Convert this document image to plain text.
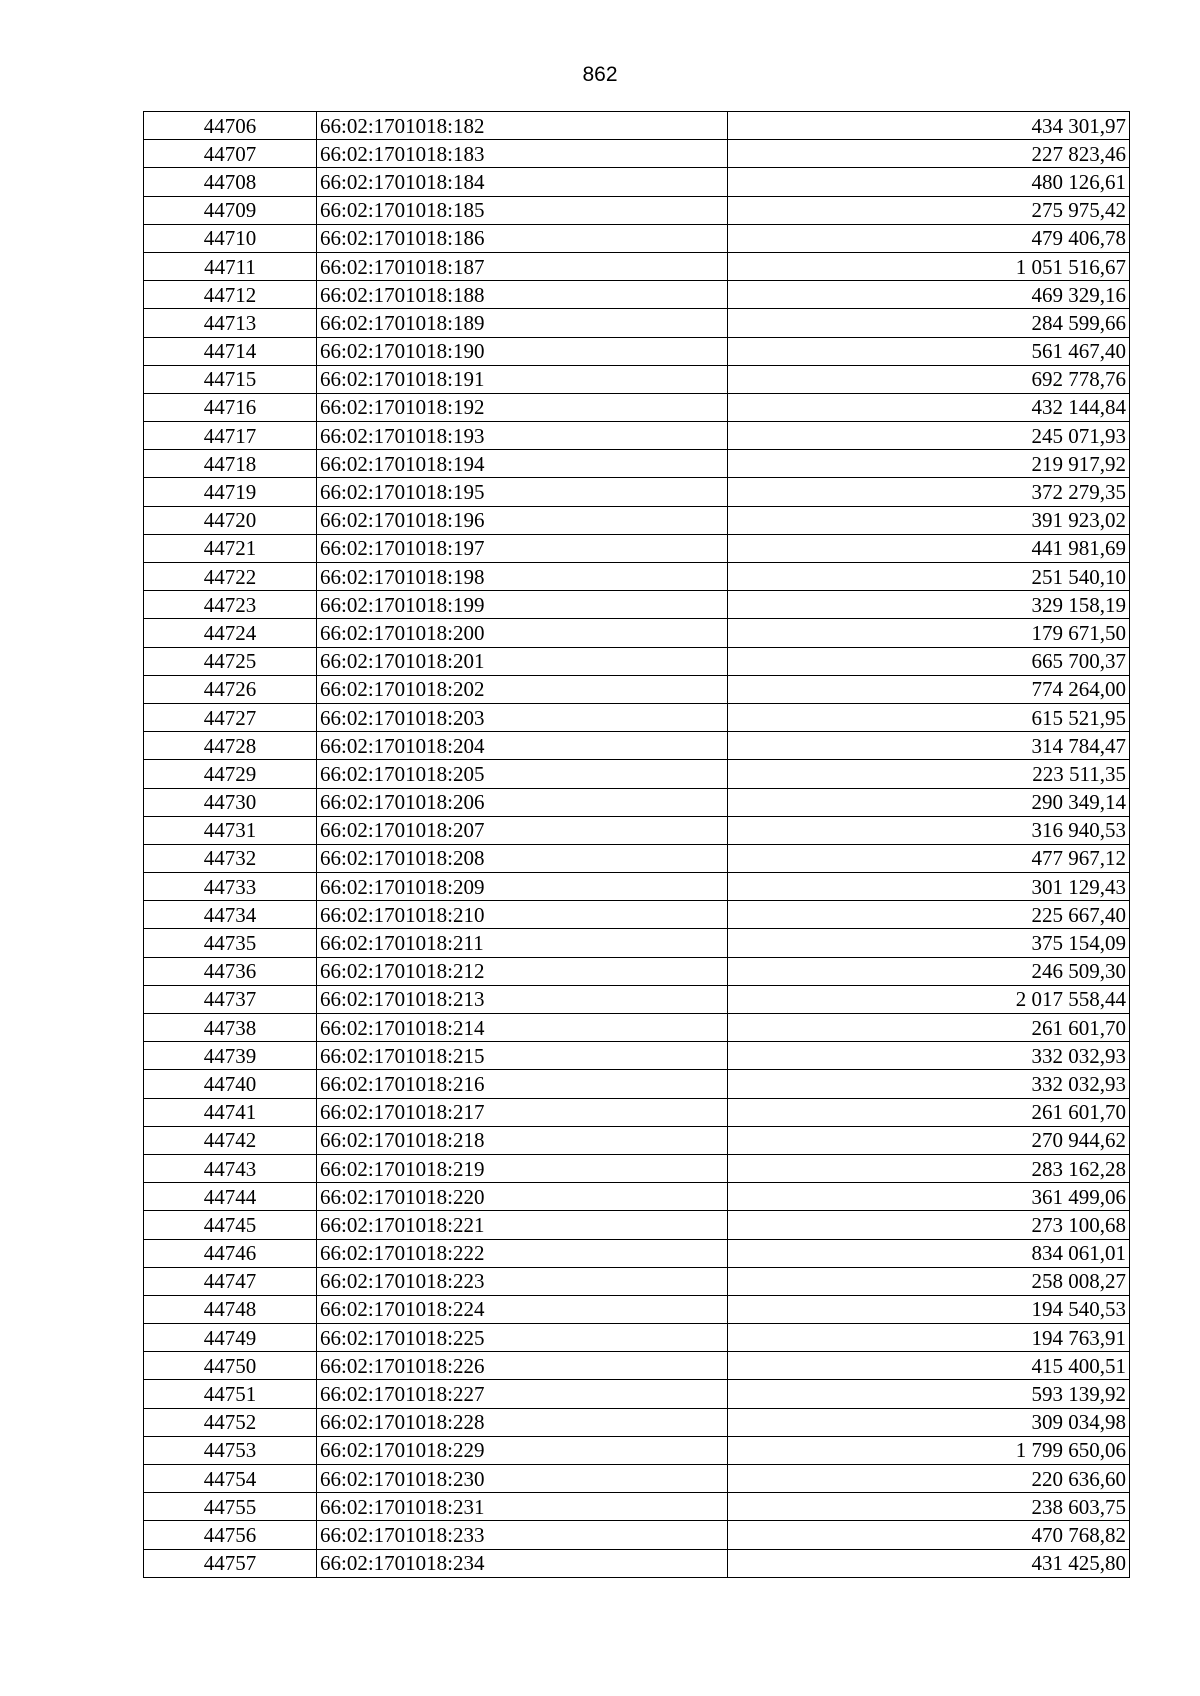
862
44706	66:02:1701018:182	434 301,97
44707	66:02:1701018:183	227 823,46
44708	66:02:1701018:184	480 126,61
44709	66:02:1701018:185	275 975,42
44710	66:02:1701018:186	479 406,78
44711	66:02:1701018:187	1 051 516,67
44712	66:02:1701018:188	469 329,16
44713	66:02:1701018:189	284 599,66
44714	66:02:1701018:190	561 467,40
44715	66:02:1701018:191	692 778,76
44716	66:02:1701018:192	432 144,84
44717	66:02:1701018:193	245 071,93
44718	66:02:1701018:194	219 917,92
44719	66:02:1701018:195	372 279,35
44720	66:02:1701018:196	391 923,02
44721	66:02:1701018:197	441 981,69
44722	66:02:1701018:198	251 540,10
44723	66:02:1701018:199	329 158,19
44724	66:02:1701018:200	179 671,50
44725	66:02:1701018:201	665 700,37
44726	66:02:1701018:202	774 264,00
44727	66:02:1701018:203	615 521,95
44728	66:02:1701018:204	314 784,47
44729	66:02:1701018:205	223 511,35
44730	66:02:1701018:206	290 349,14
44731	66:02:1701018:207	316 940,53
44732	66:02:1701018:208	477 967,12
44733	66:02:1701018:209	301 129,43
44734	66:02:1701018:210	225 667,40
44735	66:02:1701018:211	375 154,09
44736	66:02:1701018:212	246 509,30
44737	66:02:1701018:213	2 017 558,44
44738	66:02:1701018:214	261 601,70
44739	66:02:1701018:215	332 032,93
44740	66:02:1701018:216	332 032,93
44741	66:02:1701018:217	261 601,70
44742	66:02:1701018:218	270 944,62
44743	66:02:1701018:219	283 162,28
44744	66:02:1701018:220	361 499,06
44745	66:02:1701018:221	273 100,68
44746	66:02:1701018:222	834 061,01
44747	66:02:1701018:223	258 008,27
44748	66:02:1701018:224	194 540,53
44749	66:02:1701018:225	194 763,91
44750	66:02:1701018:226	415 400,51
44751	66:02:1701018:227	593 139,92
44752	66:02:1701018:228	309 034,98
44753	66:02:1701018:229	1 799 650,06
44754	66:02:1701018:230	220 636,60
44755	66:02:1701018:231	238 603,75
44756	66:02:1701018:233	470 768,82
44757	66:02:1701018:234	431 425,80
